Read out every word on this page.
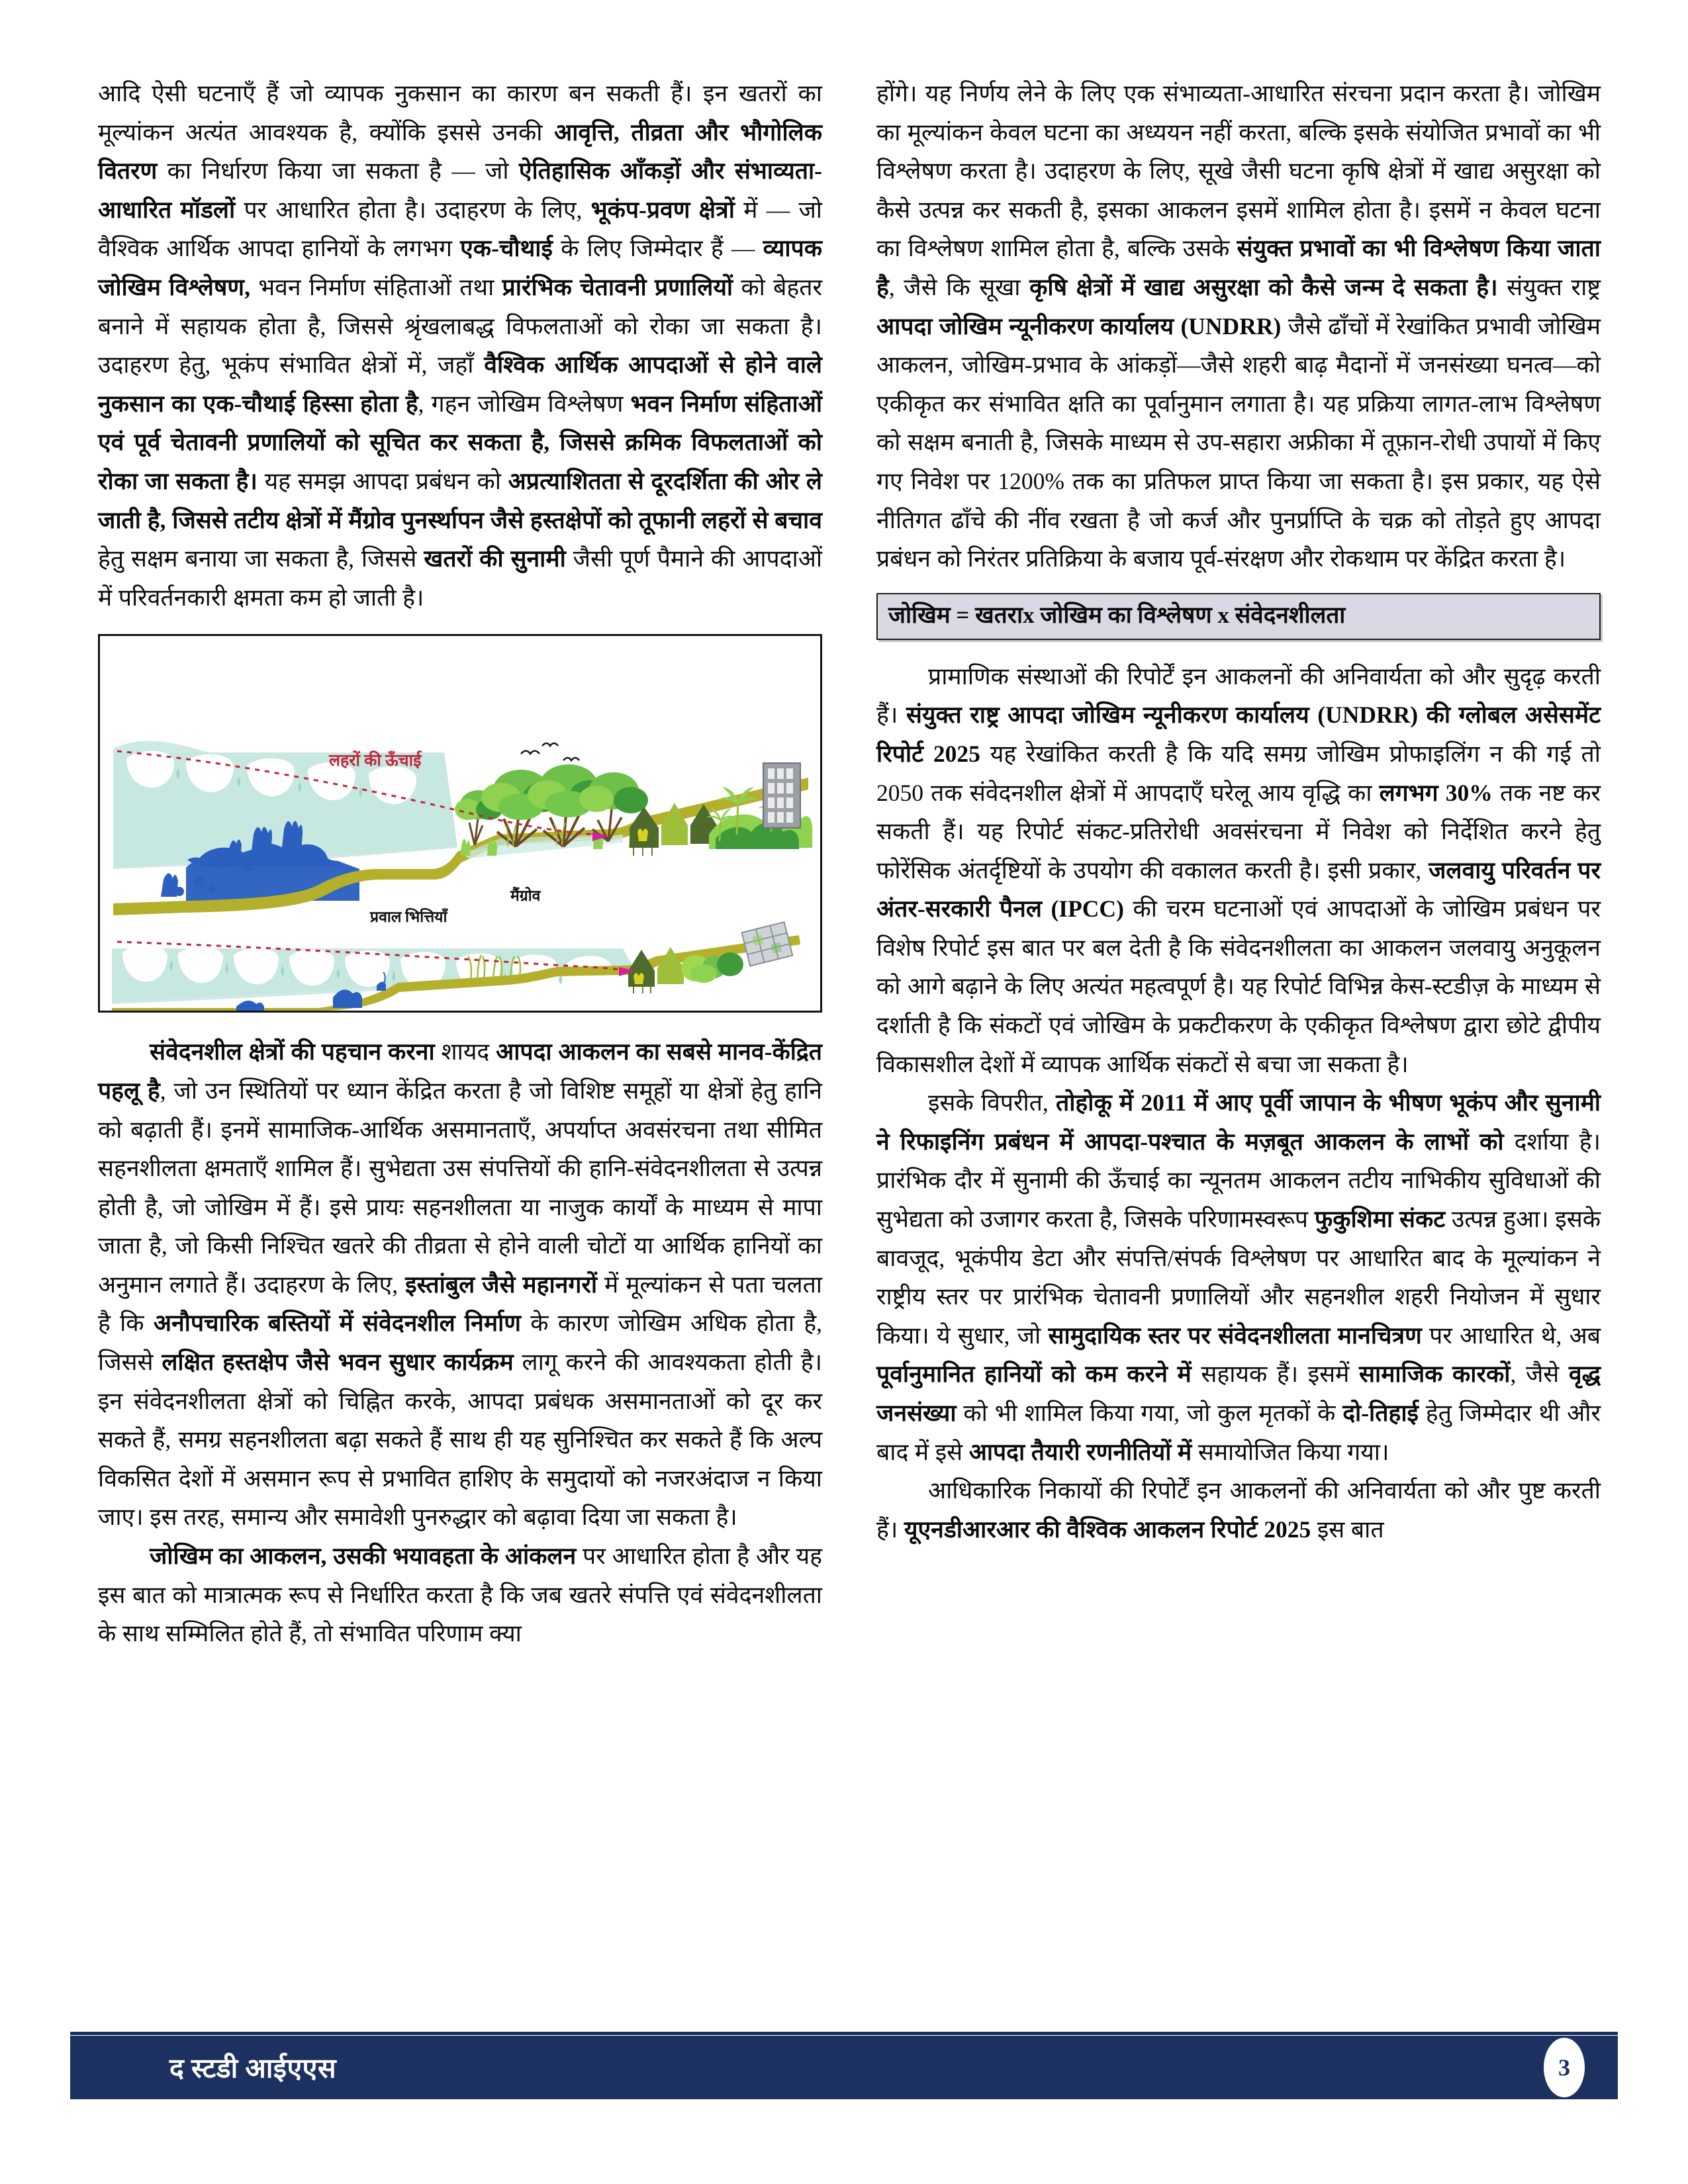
आदि ऐसी घटनाएँ हैं जो व्यापक नुकसान का कारण बन सकती हैं। इन खतरों का मूल्यांकन अत्यंत आवश्यक है, क्योंकि इससे उनकी आवृत्ति, तीव्रता और भौगोलिक वितरण का निर्धारण किया जा सकता है — जो ऐतिहासिक आँकड़ों और संभाव्यता-आधारित मॉडलों पर आधारित होता है। उदाहरण के लिए, भूकंप-प्रवण क्षेत्रों में — जो वैश्विक आर्थिक आपदा हानियों के लगभग एक-चौथाई के लिए जिम्मेदार हैं — व्यापक जोखिम विश्लेषण, भवन निर्माण संहिताओं तथा प्रारंभिक चेतावनी प्रणालियों को बेहतर बनाने में सहायक होता है, जिससे श्रृंखलाबद्ध विफलताओं को रोका जा सकता है। उदाहरण हेतु, भूकंप संभावित क्षेत्रों में, जहाँ वैश्विक आर्थिक आपदाओं से होने वाले नुकसान का एक-चौथाई हिस्सा होता है, गहन जोखिम विश्लेषण भवन निर्माण संहिताओं एवं पूर्व चेतावनी प्रणालियों को सूचित कर सकता है, जिससे क्रमिक विफलताओं को रोका जा सकता है। यह समझ आपदा प्रबंधन को अप्रत्याशितता से दूरदर्शिता की ओर ले जाती है, जिससे तटीय क्षेत्रों में मैंग्रोव पुनर्स्थापन जैसे हस्तक्षेपों को तूफानी लहरों से बचाव हेतु सक्षम बनाया जा सकता है, जिससे खतरों की सुनामी जैसी पूर्ण पैमाने की आपदाओं में परिवर्तनकारी क्षमता कम हो जाती है।

लहरों की ऊँचाई
प्रवाल भित्तियाँ
मैंग्रोव

संवेदनशील क्षेत्रों की पहचान करना शायद आपदा आकलन का सबसे मानव-केंद्रित पहलू है, जो उन स्थितियों पर ध्यान केंद्रित करता है जो विशिष्ट समूहों या क्षेत्रों हेतु हानि को बढ़ाती हैं। इनमें सामाजिक-आर्थिक असमानताएँ, अपर्याप्त अवसंरचना तथा सीमित सहनशीलता क्षमताएँ शामिल हैं। सुभेद्यता उस संपत्तियों की हानि-संवेदनशीलता से उत्पन्न होती है, जो जोखिम में हैं। इसे प्रायः सहनशीलता या नाजुक कार्यों के माध्यम से मापा जाता है, जो किसी निश्चित खतरे की तीव्रता से होने वाली चोटों या आर्थिक हानियों का अनुमान लगाते हैं। उदाहरण के लिए, इस्तांबुल जैसे महानगरों में मूल्यांकन से पता चलता है कि अनौपचारिक बस्तियों में संवेदनशील निर्माण के कारण जोखिम अधिक होता है, जिससे लक्षित हस्तक्षेप जैसे भवन सुधार कार्यक्रम लागू करने की आवश्यकता होती है। इन संवेदनशीलता क्षेत्रों को चिह्नित करके, आपदा प्रबंधक असमानताओं को दूर कर सकते हैं, समग्र सहनशीलता बढ़ा सकते हैं साथ ही यह सुनिश्चित कर सकते हैं कि अल्प विकसित देशों में असमान रूप से प्रभावित हाशिए के समुदायों को नजरअंदाज न किया जाए। इस तरह, समान्य और समावेशी पुनरुद्धार को बढ़ावा दिया जा सकता है।

जोखिम का आकलन, उसकी भयावहता के आंकलन पर आधारित होता है और यह इस बात को मात्रात्मक रूप से निर्धारित करता है कि जब खतरे संपत्ति एवं संवेदनशीलता के साथ सम्मिलित होते हैं, तो संभावित परिणाम क्या

होंगे। यह निर्णय लेने के लिए एक संभाव्यता-आधारित संरचना प्रदान करता है। जोखिम का मूल्यांकन केवल घटना का अध्ययन नहीं करता, बल्कि इसके संयोजित प्रभावों का भी विश्लेषण करता है। उदाहरण के लिए, सूखे जैसी घटना कृषि क्षेत्रों में खाद्य असुरक्षा को कैसे उत्पन्न कर सकती है, इसका आकलन इसमें शामिल होता है। इसमें न केवल घटना का विश्लेषण शामिल होता है, बल्कि उसके संयुक्त प्रभावों का भी विश्लेषण किया जाता है, जैसे कि सूखा कृषि क्षेत्रों में खाद्य असुरक्षा को कैसे जन्म दे सकता है। संयुक्त राष्ट्र आपदा जोखिम न्यूनीकरण कार्यालय (UNDRR) जैसे ढाँचों में रेखांकित प्रभावी जोखिम आकलन, जोखिम-प्रभाव के आंकड़ों—जैसे शहरी बाढ़ मैदानों में जनसंख्या घनत्व—को एकीकृत कर संभावित क्षति का पूर्वानुमान लगाता है। यह प्रक्रिया लागत-लाभ विश्लेषण को सक्षम बनाती है, जिसके माध्यम से उप-सहारा अफ्रीका में तूफ़ान-रोधी उपायों में किए गए निवेश पर 1200% तक का प्रतिफल प्राप्त किया जा सकता है। इस प्रकार, यह ऐसे नीतिगत ढाँचे की नींव रखता है जो कर्ज और पुनर्प्राप्ति के चक्र को तोड़ते हुए आपदा प्रबंधन को निरंतर प्रतिक्रिया के बजाय पूर्व-संरक्षण और रोकथाम पर केंद्रित करता है।

जोखिम = खतराx जोखिम का विश्लेषण x संवेदनशीलता

प्रामाणिक संस्थाओं की रिपोर्टें इन आकलनों की अनिवार्यता को और सुदृढ़ करती हैं। संयुक्त राष्ट्र आपदा जोखिम न्यूनीकरण कार्यालय (UNDRR) की ग्लोबल असेसमेंट रिपोर्ट 2025 यह रेखांकित करती है कि यदि समग्र जोखिम प्रोफाइलिंग न की गई तो 2050 तक संवेदनशील क्षेत्रों में आपदाएँ घरेलू आय वृद्धि का लगभग 30% तक नष्ट कर सकती हैं। यह रिपोर्ट संकट-प्रतिरोधी अवसंरचना में निवेश को निर्देशित करने हेतु फोरेंसिक अंतर्दृष्टियों के उपयोग की वकालत करती है। इसी प्रकार, जलवायु परिवर्तन पर अंतर-सरकारी पैनल (IPCC) की चरम घटनाओं एवं आपदाओं के जोखिम प्रबंधन पर विशेष रिपोर्ट इस बात पर बल देती है कि संवेदनशीलता का आकलन जलवायु अनुकूलन को आगे बढ़ाने के लिए अत्यंत महत्वपूर्ण है। यह रिपोर्ट विभिन्न केस-स्टडीज़ के माध्यम से दर्शाती है कि संकटों एवं जोखिम के प्रकटीकरण के एकीकृत विश्लेषण द्वारा छोटे द्वीपीय विकासशील देशों में व्यापक आर्थिक संकटों से बचा जा सकता है।

इसके विपरीत, तोहोकू में 2011 में आए पूर्वी जापान के भीषण भूकंप और सुनामी ने रिफाइनिंग प्रबंधन में आपदा-पश्चात के मज़बूत आकलन के लाभों को दर्शाया है। प्रारंभिक दौर में सुनामी की ऊँचाई का न्यूनतम आकलन तटीय नाभिकीय सुविधाओं की सुभेद्यता को उजागर करता है, जिसके परिणामस्वरूप फुकुशिमा संकट उत्पन्न हुआ। इसके बावजूद, भूकंपीय डेटा और संपत्ति/संपर्क विश्लेषण पर आधारित बाद के मूल्यांकन ने राष्ट्रीय स्तर पर प्रारंभिक चेतावनी प्रणालियों और सहनशील शहरी नियोजन में सुधार किया। ये सुधार, जो सामुदायिक स्तर पर संवेदनशीलता मानचित्रण पर आधारित थे, अब पूर्वानुमानित हानियों को कम करने में सहायक हैं। इसमें सामाजिक कारकों, जैसे वृद्ध जनसंख्या को भी शामिल किया गया, जो कुल मृतकों के दो-तिहाई हेतु जिम्मेदार थी और बाद में इसे आपदा तैयारी रणनीतियों में समायोजित किया गया।

आधिकारिक निकायों की रिपोर्टें इन आकलनों की अनिवार्यता को और पुष्ट करती हैं। यूएनडीआरआर की वैश्विक आकलन रिपोर्ट 2025 इस बात

द स्टडी आईएएस	3
